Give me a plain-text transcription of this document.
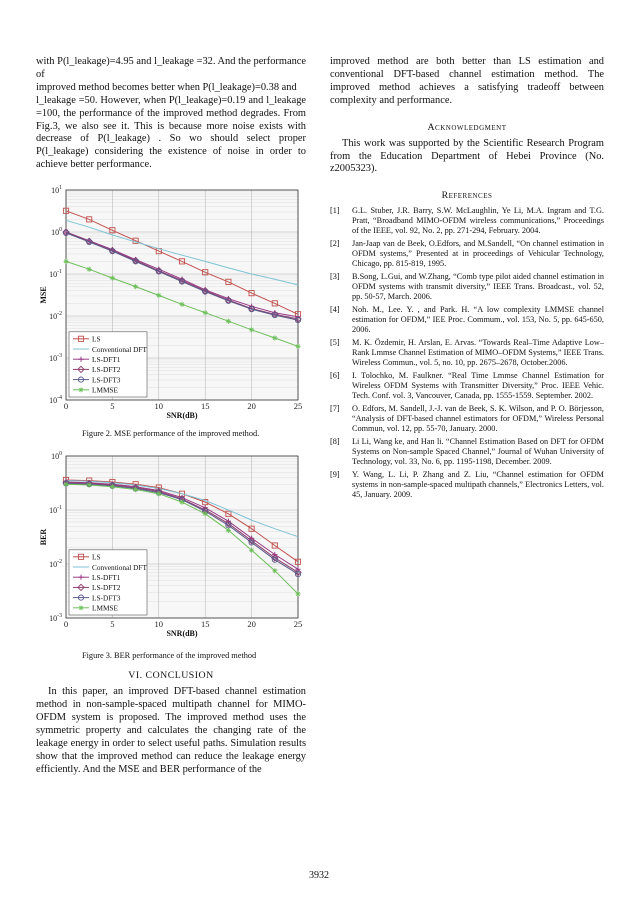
with P(l_leakage)=4.95 and l_leakage =32. And the performance of
improved method becomes better when P(l_leakage)=0.38 and
l_leakage =50. However, when P(l_leakage)=0.19 and l_leakage =100, the performance of the improved method degrades. From Fig.3, we also see it. This is because more noise exists with decrease of P(l_leakage) . So wo should select proper P(l_leakage) considering the existence of noise in order to achieve better performance.

0	5	10	15	20	25
$10^{-4}$
$10^{-3}$
$10^{-2}$
$10^{-1}$
$10^0$
$10^1$
SNR(dB)
MSE
LS
Conventional DFT
LS-DFT1
LS-DFT2
LS-DFT3
LMMSE
Figure 2. MSE performance of the improved method.
0	5	10	15	20	25
$10^{-3}$
$10^{-2}$
$10^{-1}$
$10^0$
SNR(dB)
BER
LS
Conventional DFT
LS-DFT1
LS-DFT2
LS-DFT3
LMMSE
Figure 3. BER performance of the improved method
VI. CONCLUSION

In this paper, an improved DFT-based channel estimation method in non-sample-spaced multipath channel for MIMO-OFDM system is proposed. The improved method uses the symmetric property and calculates the changing rate of the leakage energy in order to select useful paths. Simulation results show that the improved method can reduce the leakage energy efficiently. And the MSE and BER performance of the

improved method are both better than LS estimation and conventional DFT-based channel estimation method. The improved method achieves a satisfying tradeoff between complexity and performance.

Acknowledgment

This work was supported by the Scientific Research Program from the Education Department of Hebei Province (No. z2005323).

References
[1] G.L. Stuber, J.R. Barry, S.W. McLaughlin, Ye Li, M.A. Ingram and T.G. Pratt, “Broadband MIMO-OFDM wireless communications,” Proceedings of the IEEE, vol. 92, No. 2, pp. 271-294, February. 2004.
[2] Jan-Jaap van de Beek, O.Edfors, and M.Sandell, “On channel estimation in OFDM systems,” Presented at in proceedings of Vehicular Technology, Chicago, pp. 815-819, 1995.
[3] B.Song, L.Gui, and W.Zhang, “Comb type pilot aided channel estimation in OFDM systems with transmit diversity,” IEEE Trans. Broadcast., vol. 52, pp. 50-57, March. 2006.
[4] Noh. M., Lee. Y. , and Park. H. “A low complexity LMMSE channel estimation for OFDM,” IEE Proc. Commum., vol. 153, No. 5, pp. 645-650, 2006.
[5] M. K. Özdemir, H. Arslan, E. Arvas. “Towards Real–Time Adaptive Low–Rank Lmmse Channel Estimation of MIMO–OFDM Systems,” IEEE Trans. Wireless Commun., vol. 5, no. 10, pp. 2675–2678, October.2006.
[6] I. Tolochko, M. Faulkner. “Real Time Lmmse Channel Estimation for Wireless OFDM Systems with Transmitter Diversity,” Proc. IEEE Vehic. Tech. Conf. vol. 3, Vancouver, Canada, pp. 1555-1559. September. 2002.
[7] O. Edfors, M. Sandell, J.-J. van de Beek, S. K. Wilson, and P. O. Börjesson, “Analysis of DFT-based channel estimators for OFDM,” Wireless Personal Commun, vol. 12, pp. 55-70, January. 2000.
[8] Li Li, Wang ke, and Han li. “Channel Estimation Based on DFT for OFDM Systems on Non-sample Spaced Channel,” Journal of Wuhan University of Technology, vol. 33, No. 6, pp. 1195-1198, December. 2009.
[9] Y. Wang, L. Li, P. Zhang and Z. Liu, “Channel estimation for OFDM systems in non-sample-spaced multipath channels,” Electronics Letters, vol. 45, January. 2009.
3932
